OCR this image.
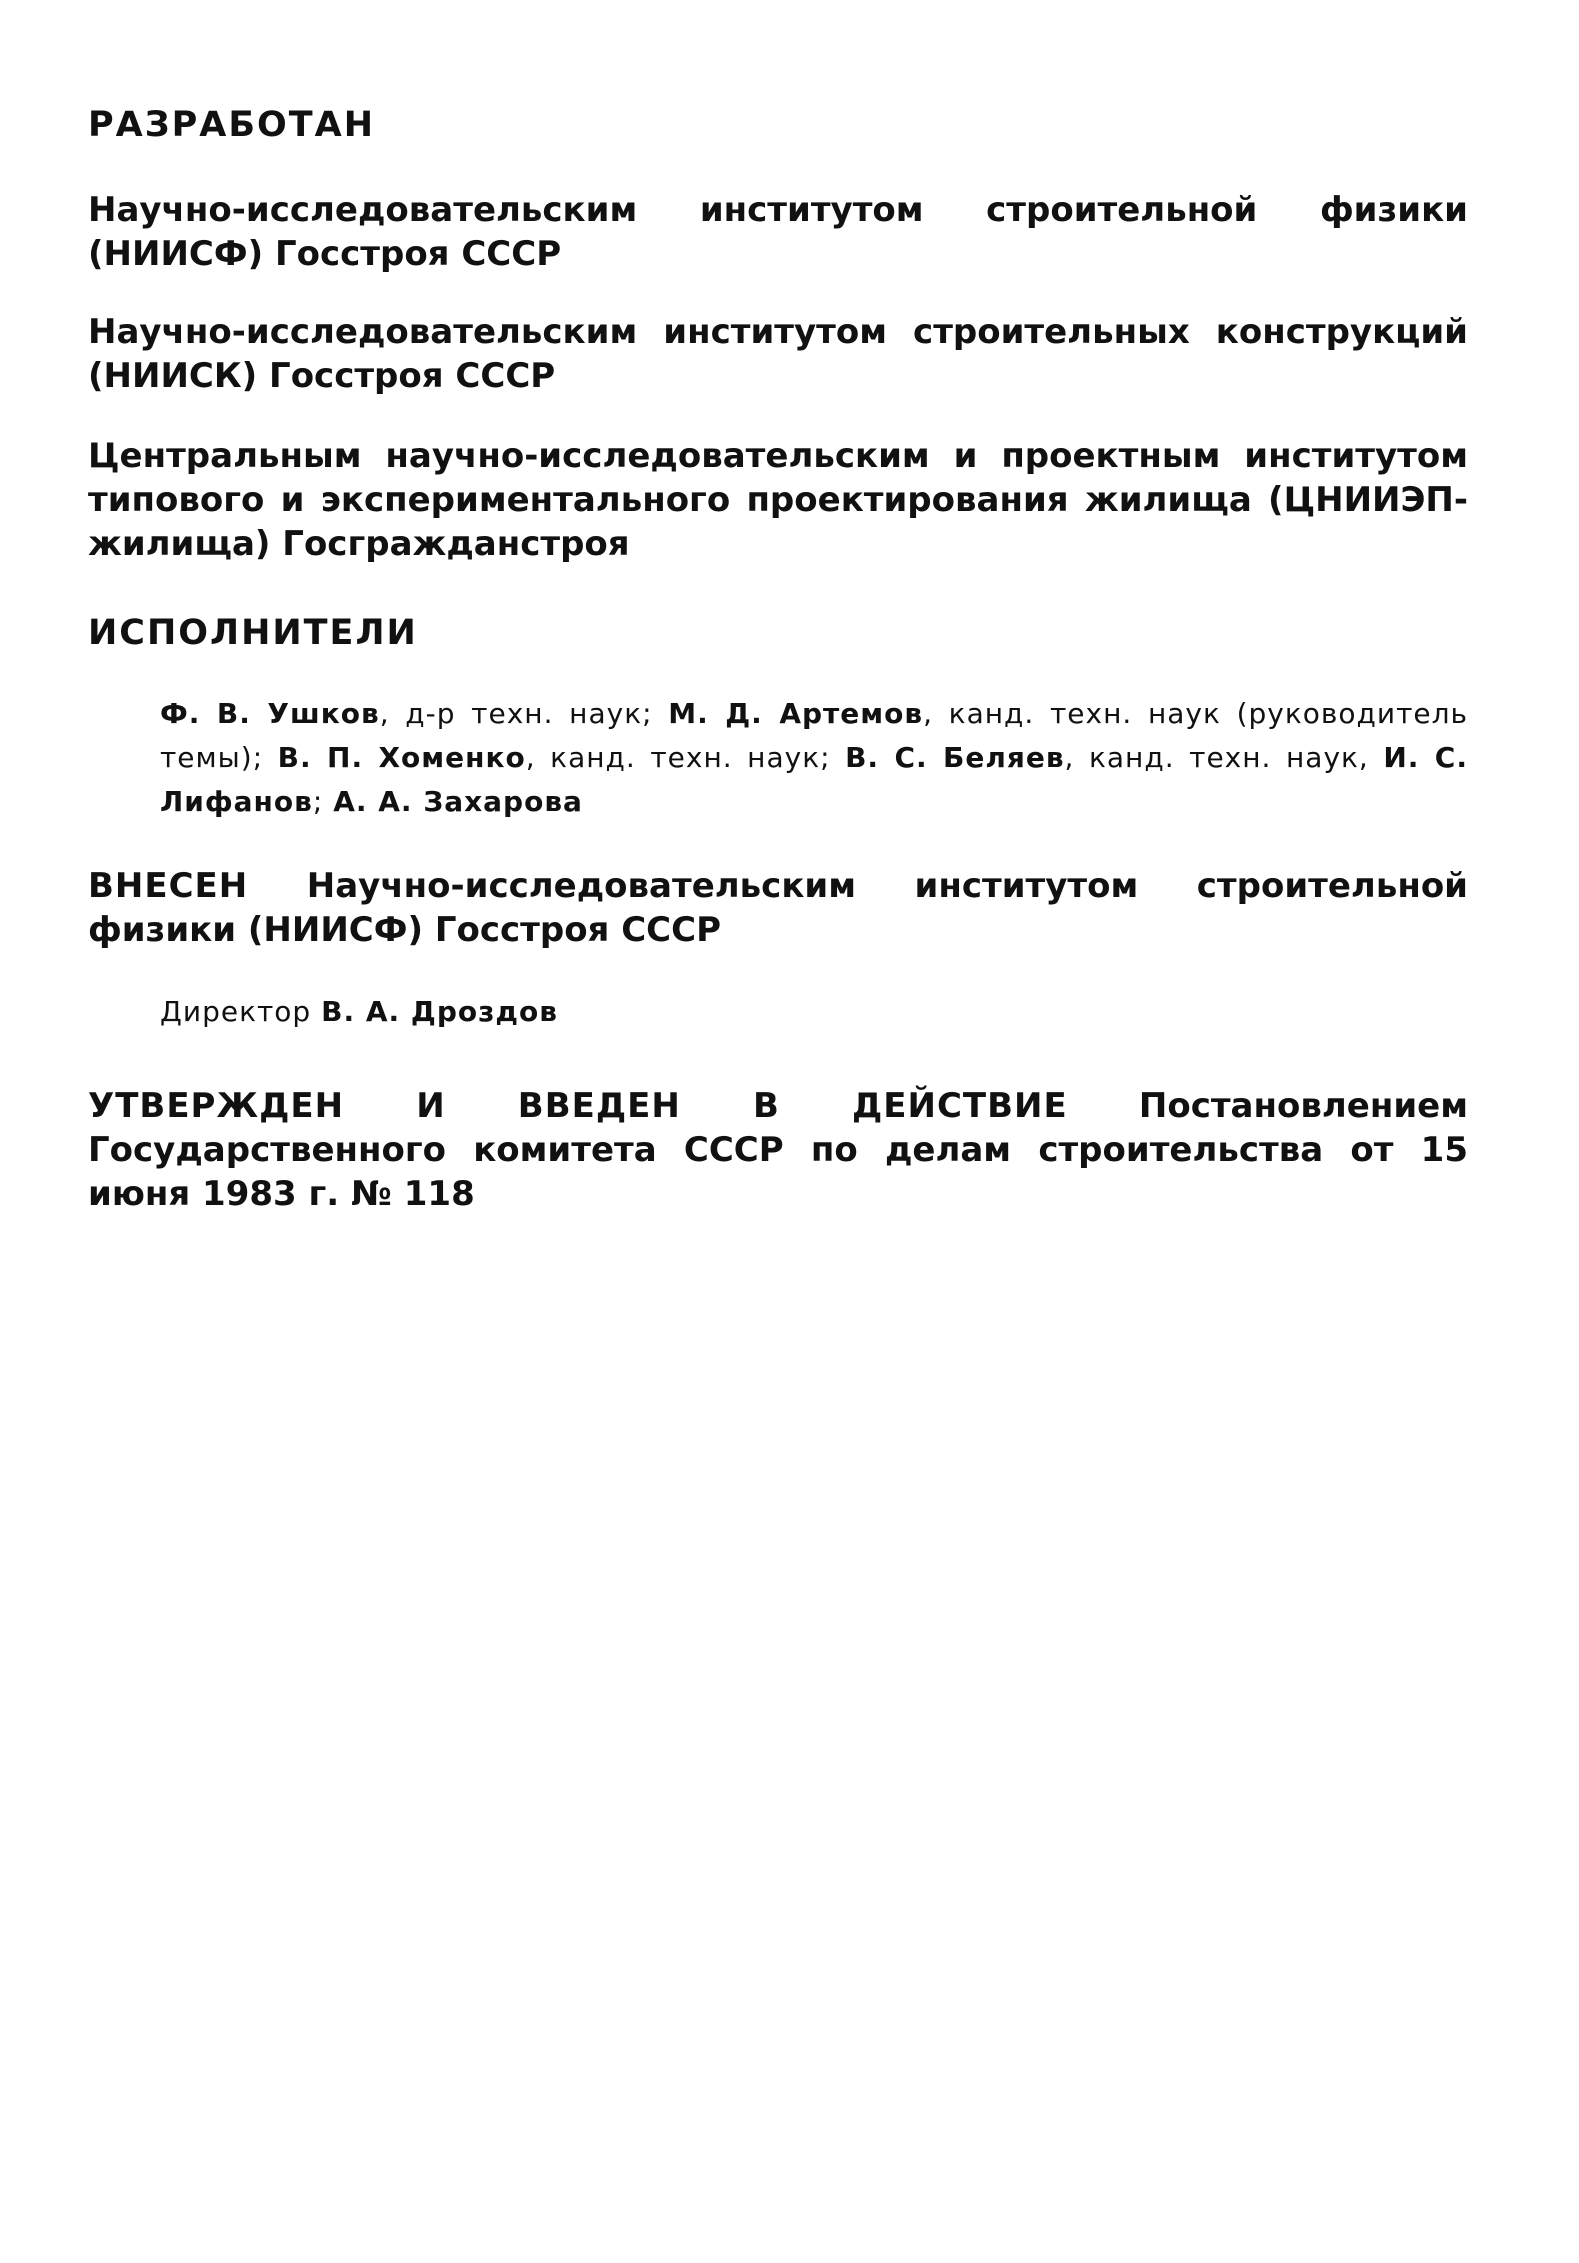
РАЗРАБОТАН

Научно-исследовательским институтом строительной физики (НИИСФ) Госстроя СССР

Научно-исследовательским институтом строительных конструкций (НИИСК) Госстроя СССР

Центральным научно-исследовательским и проектным институтом типового и экспериментального проектирования жилища (ЦНИИЭП-жилища) Госгражданстроя

ИСПОЛНИТЕЛИ

Ф. В. Ушков, д-р техн. наук; М. Д. Артемов, канд. техн. наук (руководитель темы); В. П. Хоменко, канд. техн. наук; В. С. Беляев, канд. техн. наук, И. С. Лифанов; А. А. Захарова

ВНЕСЕН Научно-исследовательским институтом строительной физики (НИИСФ) Госстроя СССР

Директор В. А. Дроздов

УТВЕРЖДЕН И ВВЕДЕН В ДЕЙСТВИЕ Постановлением Государственного комитета СССР по делам строительства от 15 июня 1983 г. № 118
